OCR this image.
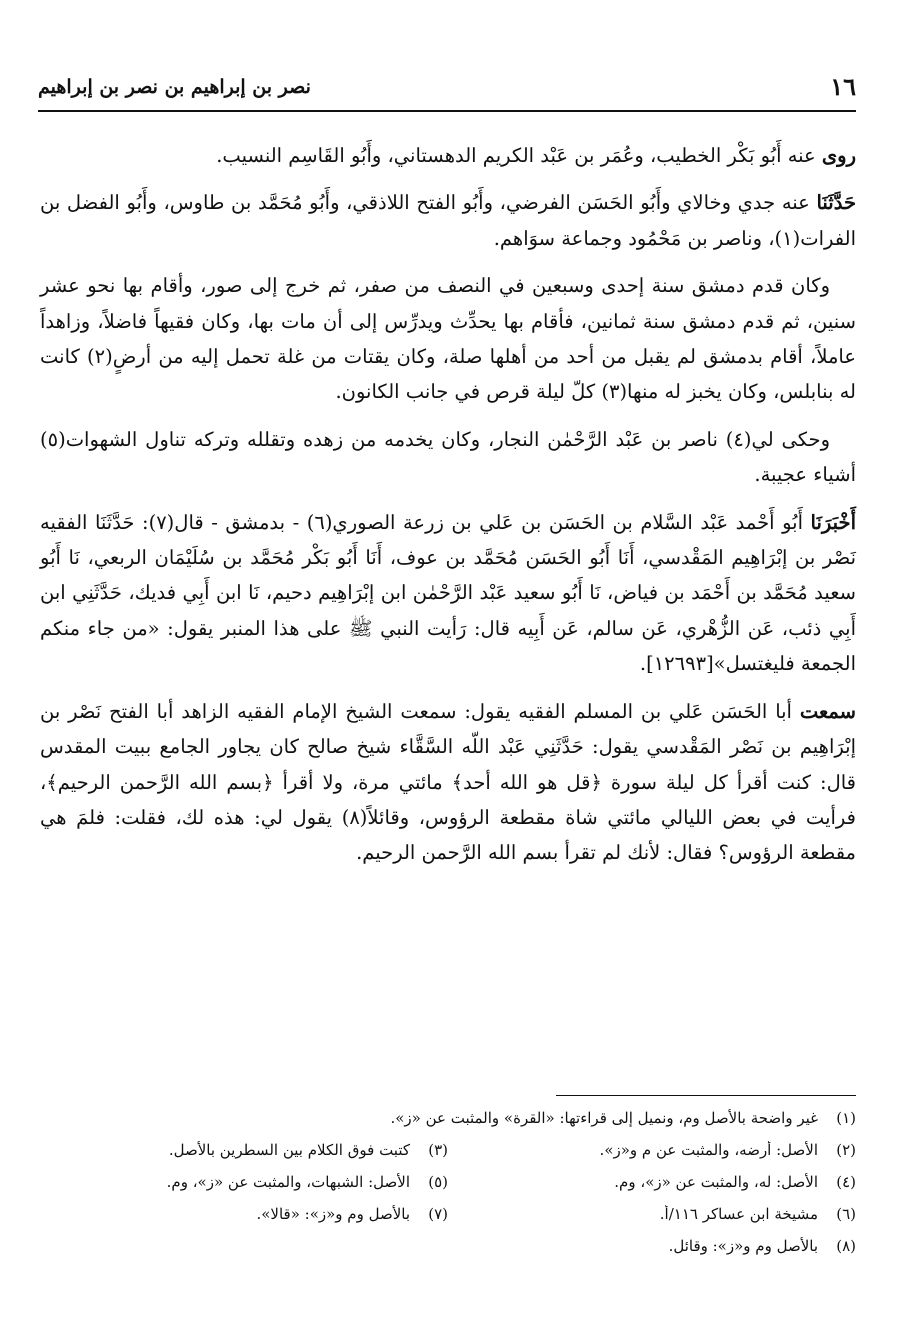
١٦
نصر بن إبراهيم بن نصر بن إبراهيم

روى عنه أَبُو بَكْر الخطيب، وعُمَر بن عَبْد الكريم الدهستاني، وأَبُو القَاسِم النسيب.

حَدَّثَنَا عنه جدي وخالاي وأَبُو الحَسَن الفرضي، وأَبُو الفتح اللاذقي، وأَبُو مُحَمَّد بن طاوس، وأَبُو الفضل بن الفرات(١)، وناصر بن مَحْمُود وجماعة سوَاهم.

وكان قدم دمشق سنة إحدى وسبعين في النصف من صفر، ثم خرج إلى صور، وأقام بها نحو عشر سنين، ثم قدم دمشق سنة ثمانين، فأقام بها يحدِّث ويدرِّس إلى أن مات بها، وكان فقيهاً فاضلاً، وزاهداً عاملاً، أقام بدمشق لم يقبل من أحد من أهلها صلة، وكان يقتات من غلة تحمل إليه من أرضٍ(٢) كانت له بنابلس، وكان يخبز له منها(٣) كلّ ليلة قرص في جانب الكانون.

وحكى لي(٤) ناصر بن عَبْد الرَّحْمٰن النجار، وكان يخدمه من زهده وتقلله وتركه تناول الشهوات(٥) أشياء عجيبة.

أَخْبَرَنَا أَبُو أَحْمد عَبْد السَّلام بن الحَسَن بن عَلي بن زرعة الصوري(٦) - بدمشق - قال(٧): حَدَّثَنَا الفقيه نَصْر بن إبْرَاهِيم المَقْدسي، أَنَا أَبُو الحَسَن مُحَمَّد بن عوف، أَنَا أَبُو بَكْر مُحَمَّد بن سُلَيْمَان الربعي، نَا أَبُو سعيد مُحَمَّد بن أَحْمَد بن فياض، نَا أَبُو سعيد عَبْد الرَّحْمٰن ابن إبْرَاهِيم دحيم، نَا ابن أَبِي فديك، حَدَّثَنِي ابن أَبِي ذئب، عَن الزُّهْري، عَن سالم، عَن أَبِيه قال: رَأيت النبي ﷺ على هذا المنبر يقول: «من جاء منكم الجمعة فليغتسل»[١٢٦٩٣].

سمعت أبا الحَسَن عَلي بن المسلم الفقيه يقول: سمعت الشيخ الإمام الفقيه الزاهد أبا الفتح نَصْر بن إبْرَاهِيم بن نَصْر المَقْدسي يقول: حَدَّثَنِي عَبْد اللّه السَّقَّاء شيخ صالح كان يجاور الجامع ببيت المقدس قال: كنت أقرأ كل ليلة سورة ﴿قل هو الله أحد﴾ مائتي مرة، ولا أقرأ ﴿بسم الله الرَّحمن الرحيم﴾، فرأيت في بعض الليالي مائتي شاة مقطعة الرؤوس، وقائلاً(٨) يقول لي: هذه لك، فقلت: فلمَ هي مقطعة الرؤوس؟ فقال: لأنك لم تقرأ بسم الله الرَّحمن الرحيم.

(١)
غير واضحة بالأصل وم، ونميل إلى قراءتها: «القرة» والمثبت عن «ز».
(٢)
الأصل: أرضه، والمثبت عن م و«ز».
(٣)
كتبت فوق الكلام بين السطرين بالأصل.
(٤)
الأصل: له، والمثبت عن «ز»، وم.
(٥)
الأصل: الشبهات، والمثبت عن «ز»، وم.
(٦)
مشيخة ابن عساكر ١١٦/أ.
(٧)
بالأصل وم و«ز»: «قالا».
(٨)
بالأصل وم و«ز»: وقائل.
